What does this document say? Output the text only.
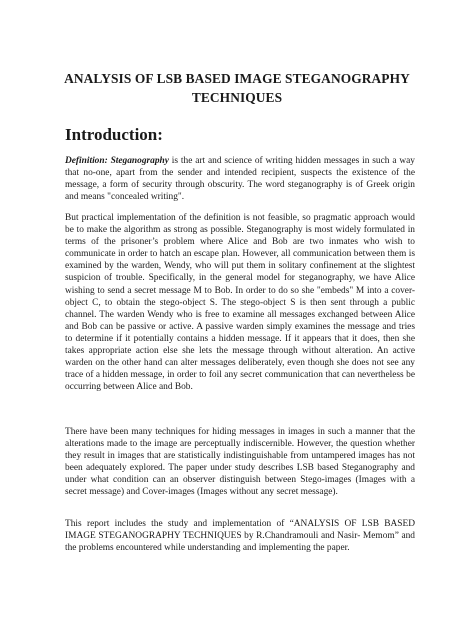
ANALYSIS OF LSB BASED IMAGE STEGANOGRAPHY
TECHNIQUES
Introduction:

Definition: Steganography is the art and science of writing hidden messages in such a way that no-one, apart from the sender and intended recipient, suspects the existence of the message, a form of security through obscurity. The word steganography is of Greek origin and means "concealed writing".

But practical implementation of the definition is not feasible, so pragmatic approach would be to make the algorithm as strong as possible. Steganography is most widely formulated in terms of the prisoner’s problem where Alice and Bob are two inmates who wish to communicate in order to hatch an escape plan. However, all communication between them is examined by the warden, Wendy, who will put them in solitary confinement at the slightest suspicion of trouble. Specifically, in the general model for steganography, we have Alice wishing to send a secret message M to Bob. In order to do so she "embeds" M into a cover-object C, to obtain the stego-object S. The stego-object S is then sent through a public channel. The warden Wendy who is free to examine all messages exchanged between Alice and Bob can be passive or active. A passive warden simply examines the message and tries to determine if it potentially contains a hidden message. If it appears that it does, then she takes appropriate action else she lets the message through without alteration. An active warden on the other hand can alter messages deliberately, even though she does not see any trace of a hidden message, in order to foil any secret communication that can nevertheless be occurring between Alice and Bob.

There have been many techniques for hiding messages in images in such a manner that the alterations made to the image are perceptually indiscernible. However, the question whether they result in images that are statistically indistinguishable from untampered images has not been adequately explored. The paper under study describes LSB based Steganography and under what condition can an observer distinguish between Stego-images (Images with a secret message) and Cover-images (Images without any secret message).

This report includes the study and implementation of “ANALYSIS OF LSB BASED IMAGE STEGANOGRAPHY TECHNIQUES by R.Chandramouli and Nasir- Memom” and the problems encountered while understanding and implementing the paper.
